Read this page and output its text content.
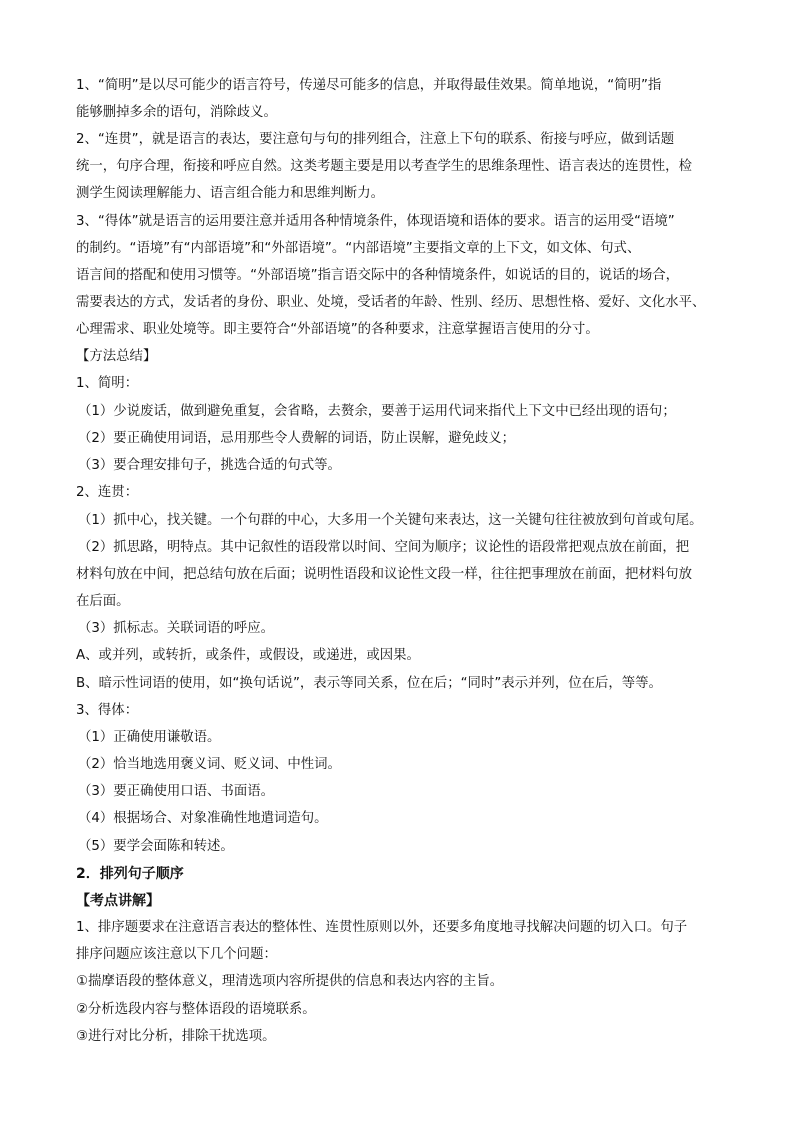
1、“简明”是以尽可能少的语言符号，传递尽可能多的信息，并取得最佳效果。简单地说，“简明”指
能够删掉多余的语句，消除歧义。
2、“连贯”，就是语言的表达，要注意句与句的排列组合，注意上下句的联系、衔接与呼应，做到话题
统一，句序合理，衔接和呼应自然。这类考题主要是用以考查学生的思维条理性、语言表达的连贯性，检
测学生阅读理解能力、语言组合能力和思维判断力。
3、“得体”就是语言的运用要注意并适用各种情境条件，体现语境和语体的要求。语言的运用受“语境”
的制约。“语境”有“内部语境”和“外部语境”。“内部语境”主要指文章的上下文，如文体、句式、
语言间的搭配和使用习惯等。“外部语境”指言语交际中的各种情境条件，如说话的目的，说话的场合，
需要表达的方式，发话者的身份、职业、处境，受话者的年龄、性别、经历、思想性格、爱好、文化水平、
心理需求、职业处境等。即主要符合“外部语境”的各种要求，注意掌握语言使用的分寸。
【方法总结】
1、简明：
（1）少说废话，做到避免重复，会省略，去赘余，要善于运用代词来指代上下文中已经出现的语句；
（2）要正确使用词语，忌用那些令人费解的词语，防止误解，避免歧义；
（3）要合理安排句子，挑选合适的句式等。
2、连贯：
（1）抓中心，找关键。一个句群的中心，大多用一个关键句来表达，这一关键句往往被放到句首或句尾。
（2）抓思路，明特点。其中记叙性的语段常以时间、空间为顺序；议论性的语段常把观点放在前面，把
材料句放在中间，把总结句放在后面；说明性语段和议论性文段一样，往往把事理放在前面，把材料句放
在后面。
（3）抓标志。关联词语的呼应。
A、或并列，或转折，或条件，或假设，或递进，或因果。
B、暗示性词语的使用，如“换句话说”，表示等同关系，位在后；“同时”表示并列，位在后，等等。
3、得体：
（1）正确使用谦敬语。
（2）恰当地选用褒义词、贬义词、中性词。
（3）要正确使用口语、书面语。
（4）根据场合、对象准确性地遣词造句。
（5）要学会面陈和转述。
2．排列句子顺序
【考点讲解】
1、排序题要求在注意语言表达的整体性、连贯性原则以外，还要多角度地寻找解决问题的切入口。句子
排序问题应该注意以下几个问题：
①揣摩语段的整体意义，理清选项内容所提供的信息和表达内容的主旨。
②分析选段内容与整体语段的语境联系。
③进行对比分析，排除干扰选项。
